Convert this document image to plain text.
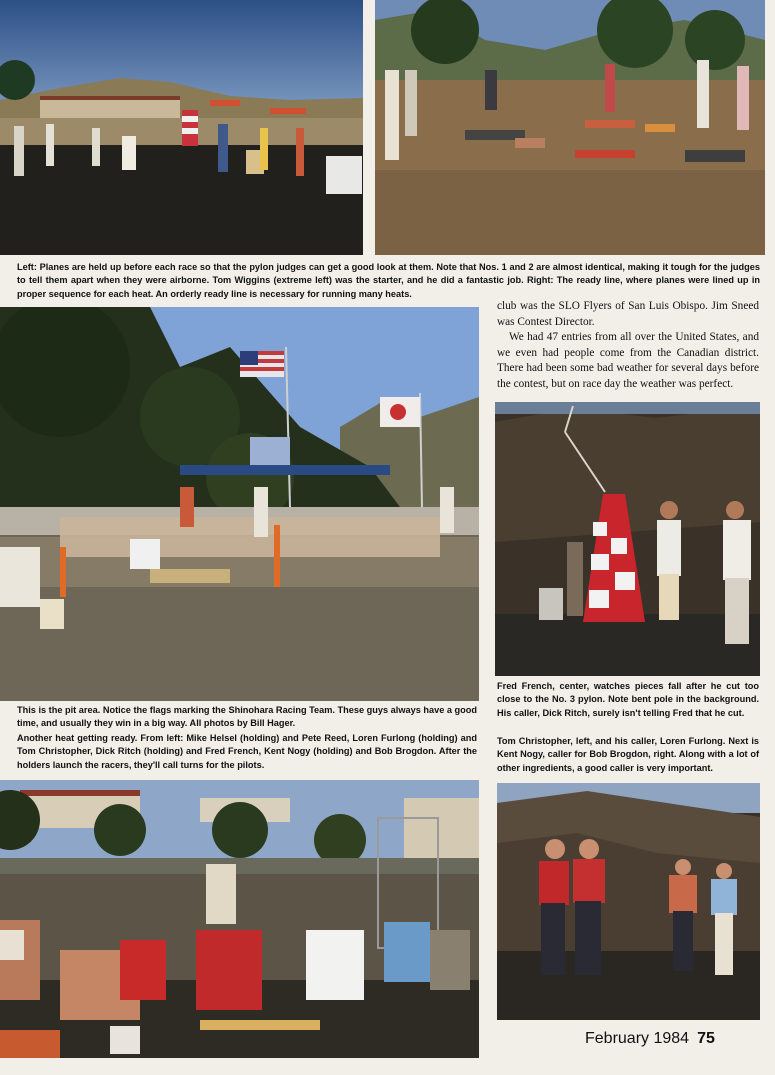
Left: Planes are held up before each race so that the pylon judges can get a good look at them. Note that Nos. 1 and 2 are almost identical, making it tough for the judges to tell them apart when they were airborne. Tom Wiggins (extreme left) was the starter, and he did a fantastic job. Right: The ready line, where planes were lined up in proper sequence for each heat. An orderly ready line is necessary for running many heats.

This is the pit area. Notice the flags marking the Shinohara Racing Team. These guys always have a good time, and usually they win in a big way. All photos by Bill Hager.

Another heat getting ready. From left: Mike Helsel (holding) and Pete Reed, Loren Furlong (holding) and Tom Christopher, Dick Ritch (holding) and Fred French, Kent Nogy (holding) and Bob Brogdon. After the holders launch the racers, they'll call turns for the pilots.

club was the SLO Flyers of San Luis Obispo. Jim Sneed was Contest Director.

We had 47 entries from all over the United States, and we even had people come from the Canadian district. There had been some bad weather for several days before the contest, but on race day the weather was perfect.

Fred French, center, watches pieces fall after he cut too close to the No. 3 pylon. Note bent pole in the background. His caller, Dick Ritch, surely isn't telling Fred that he cut.

Tom Christopher, left, and his caller, Loren Furlong. Next is Kent Nogy, caller for Bob Brogdon, right. Along with a lot of other ingredients, a good caller is very important.

February 1984 75
